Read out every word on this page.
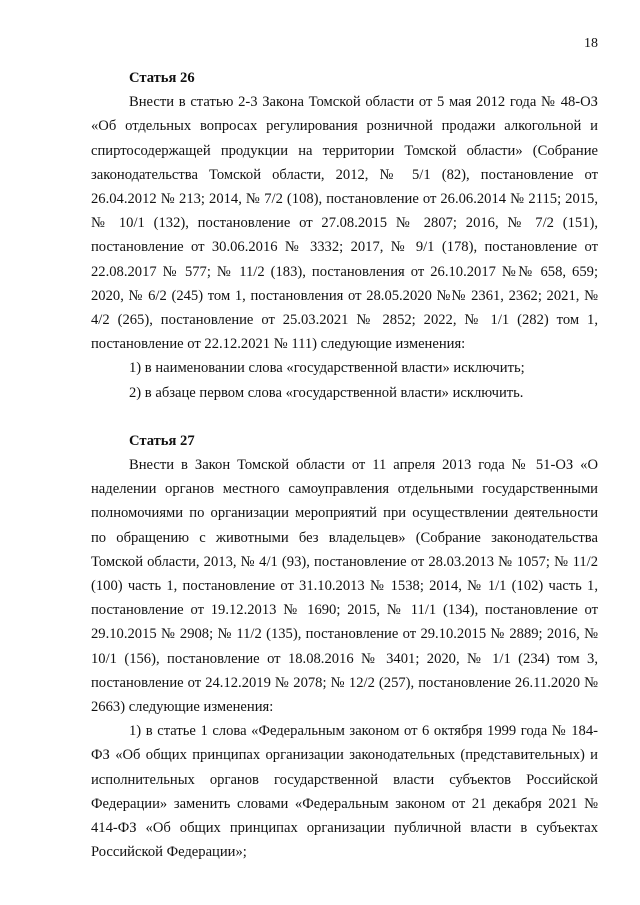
18

Статья 26

Внести в статью 2-3 Закона Томской области от 5 мая 2012 года № 48-ОЗ «Об отдельных вопросах регулирования розничной продажи алкогольной и спиртосодержащей продукции на территории Томской области» (Собрание законодательства Томской области, 2012, № 5/1 (82), постановление от 26.04.2012 № 213; 2014, № 7/2 (108), постановление от 26.06.2014 № 2115; 2015, № 10/1 (132), постановление от 27.08.2015 № 2807; 2016, № 7/2 (151), постановление от 30.06.2016 № 3332; 2017, № 9/1 (178), постановление от 22.08.2017 № 577; № 11/2 (183), постановления от 26.10.2017 №№ 658, 659; 2020, № 6/2 (245) том 1, постановления от 28.05.2020 №№ 2361, 2362; 2021, № 4/2 (265), постановление от 25.03.2021 № 2852; 2022, № 1/1 (282) том 1, постановление от 22.12.2021 № 111) следующие изменения:

1) в наименовании слова «государственной власти» исключить;

2) в абзаце первом слова «государственной власти» исключить.

Статья 27

Внести в Закон Томской области от 11 апреля 2013 года № 51-ОЗ «О наделении органов местного самоуправления отдельными государственными полномочиями по организации мероприятий при осуществлении деятельности по обращению с животными без владельцев» (Собрание законодательства Томской области, 2013, № 4/1 (93), постановление от 28.03.2013 № 1057; № 11/2 (100) часть 1, постановление от 31.10.2013 № 1538; 2014, № 1/1 (102) часть 1, постановление от 19.12.2013 № 1690; 2015, № 11/1 (134), постановление от 29.10.2015 № 2908; № 11/2 (135), постановление от 29.10.2015 № 2889; 2016, № 10/1 (156), постановление от 18.08.2016 № 3401; 2020, № 1/1 (234) том 3, постановление от 24.12.2019 № 2078; № 12/2 (257), постановление 26.11.2020 № 2663) следующие изменения:

1) в статье 1 слова «Федеральным законом от 6 октября 1999 года № 184-ФЗ «Об общих принципах организации законодательных (представительных) и исполнительных органов государственной власти субъектов Российской Федерации» заменить словами «Федеральным законом от 21 декабря 2021 № 414-ФЗ «Об общих принципах организации публичной власти в субъектах Российской Федерации»;
